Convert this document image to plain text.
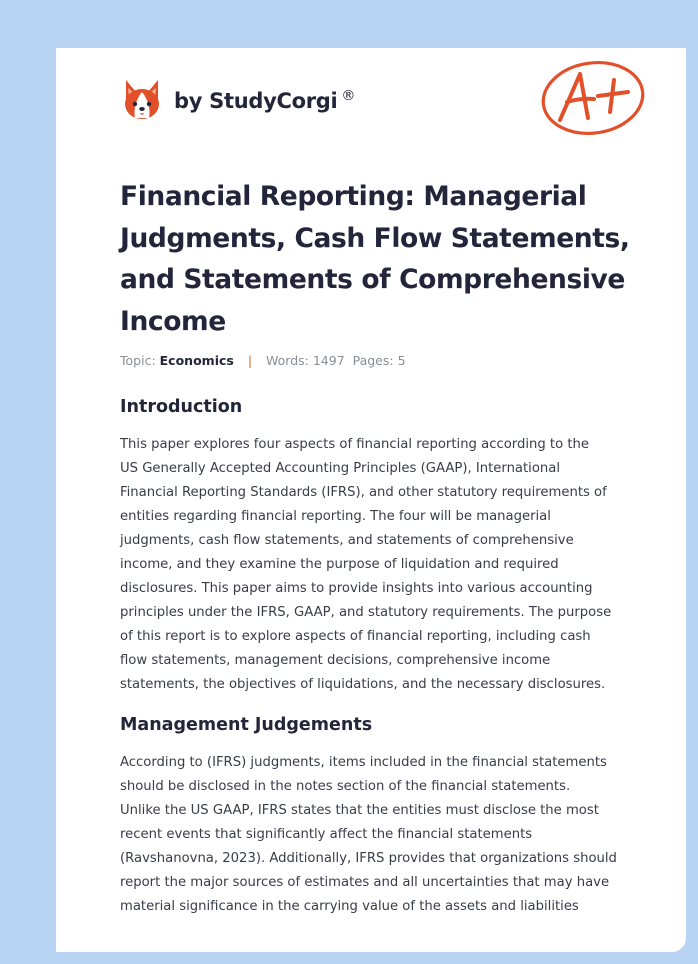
by StudyCorgi ®
Financial Reporting: Managerial Judgments, Cash Flow Statements, and Statements of Comprehensive Income
Topic: Economics | Words: 1497 Pages: 5
Introduction
This paper explores four aspects of financial reporting according to the
US Generally Accepted Accounting Principles (GAAP), International
Financial Reporting Standards (IFRS), and other statutory requirements of
entities regarding financial reporting. The four will be managerial
judgments, cash flow statements, and statements of comprehensive
income, and they examine the purpose of liquidation and required
disclosures. This paper aims to provide insights into various accounting
principles under the IFRS, GAAP, and statutory requirements. The purpose
of this report is to explore aspects of financial reporting, including cash
flow statements, management decisions, comprehensive income
statements, the objectives of liquidations, and the necessary disclosures.
Management Judgements
According to (IFRS) judgments, items included in the financial statements
should be disclosed in the notes section of the financial statements.
Unlike the US GAAP, IFRS states that the entities must disclose the most
recent events that significantly affect the financial statements
(Ravshanovna, 2023). Additionally, IFRS provides that organizations should
report the major sources of estimates and all uncertainties that may have
material significance in the carrying value of the assets and liabilities
